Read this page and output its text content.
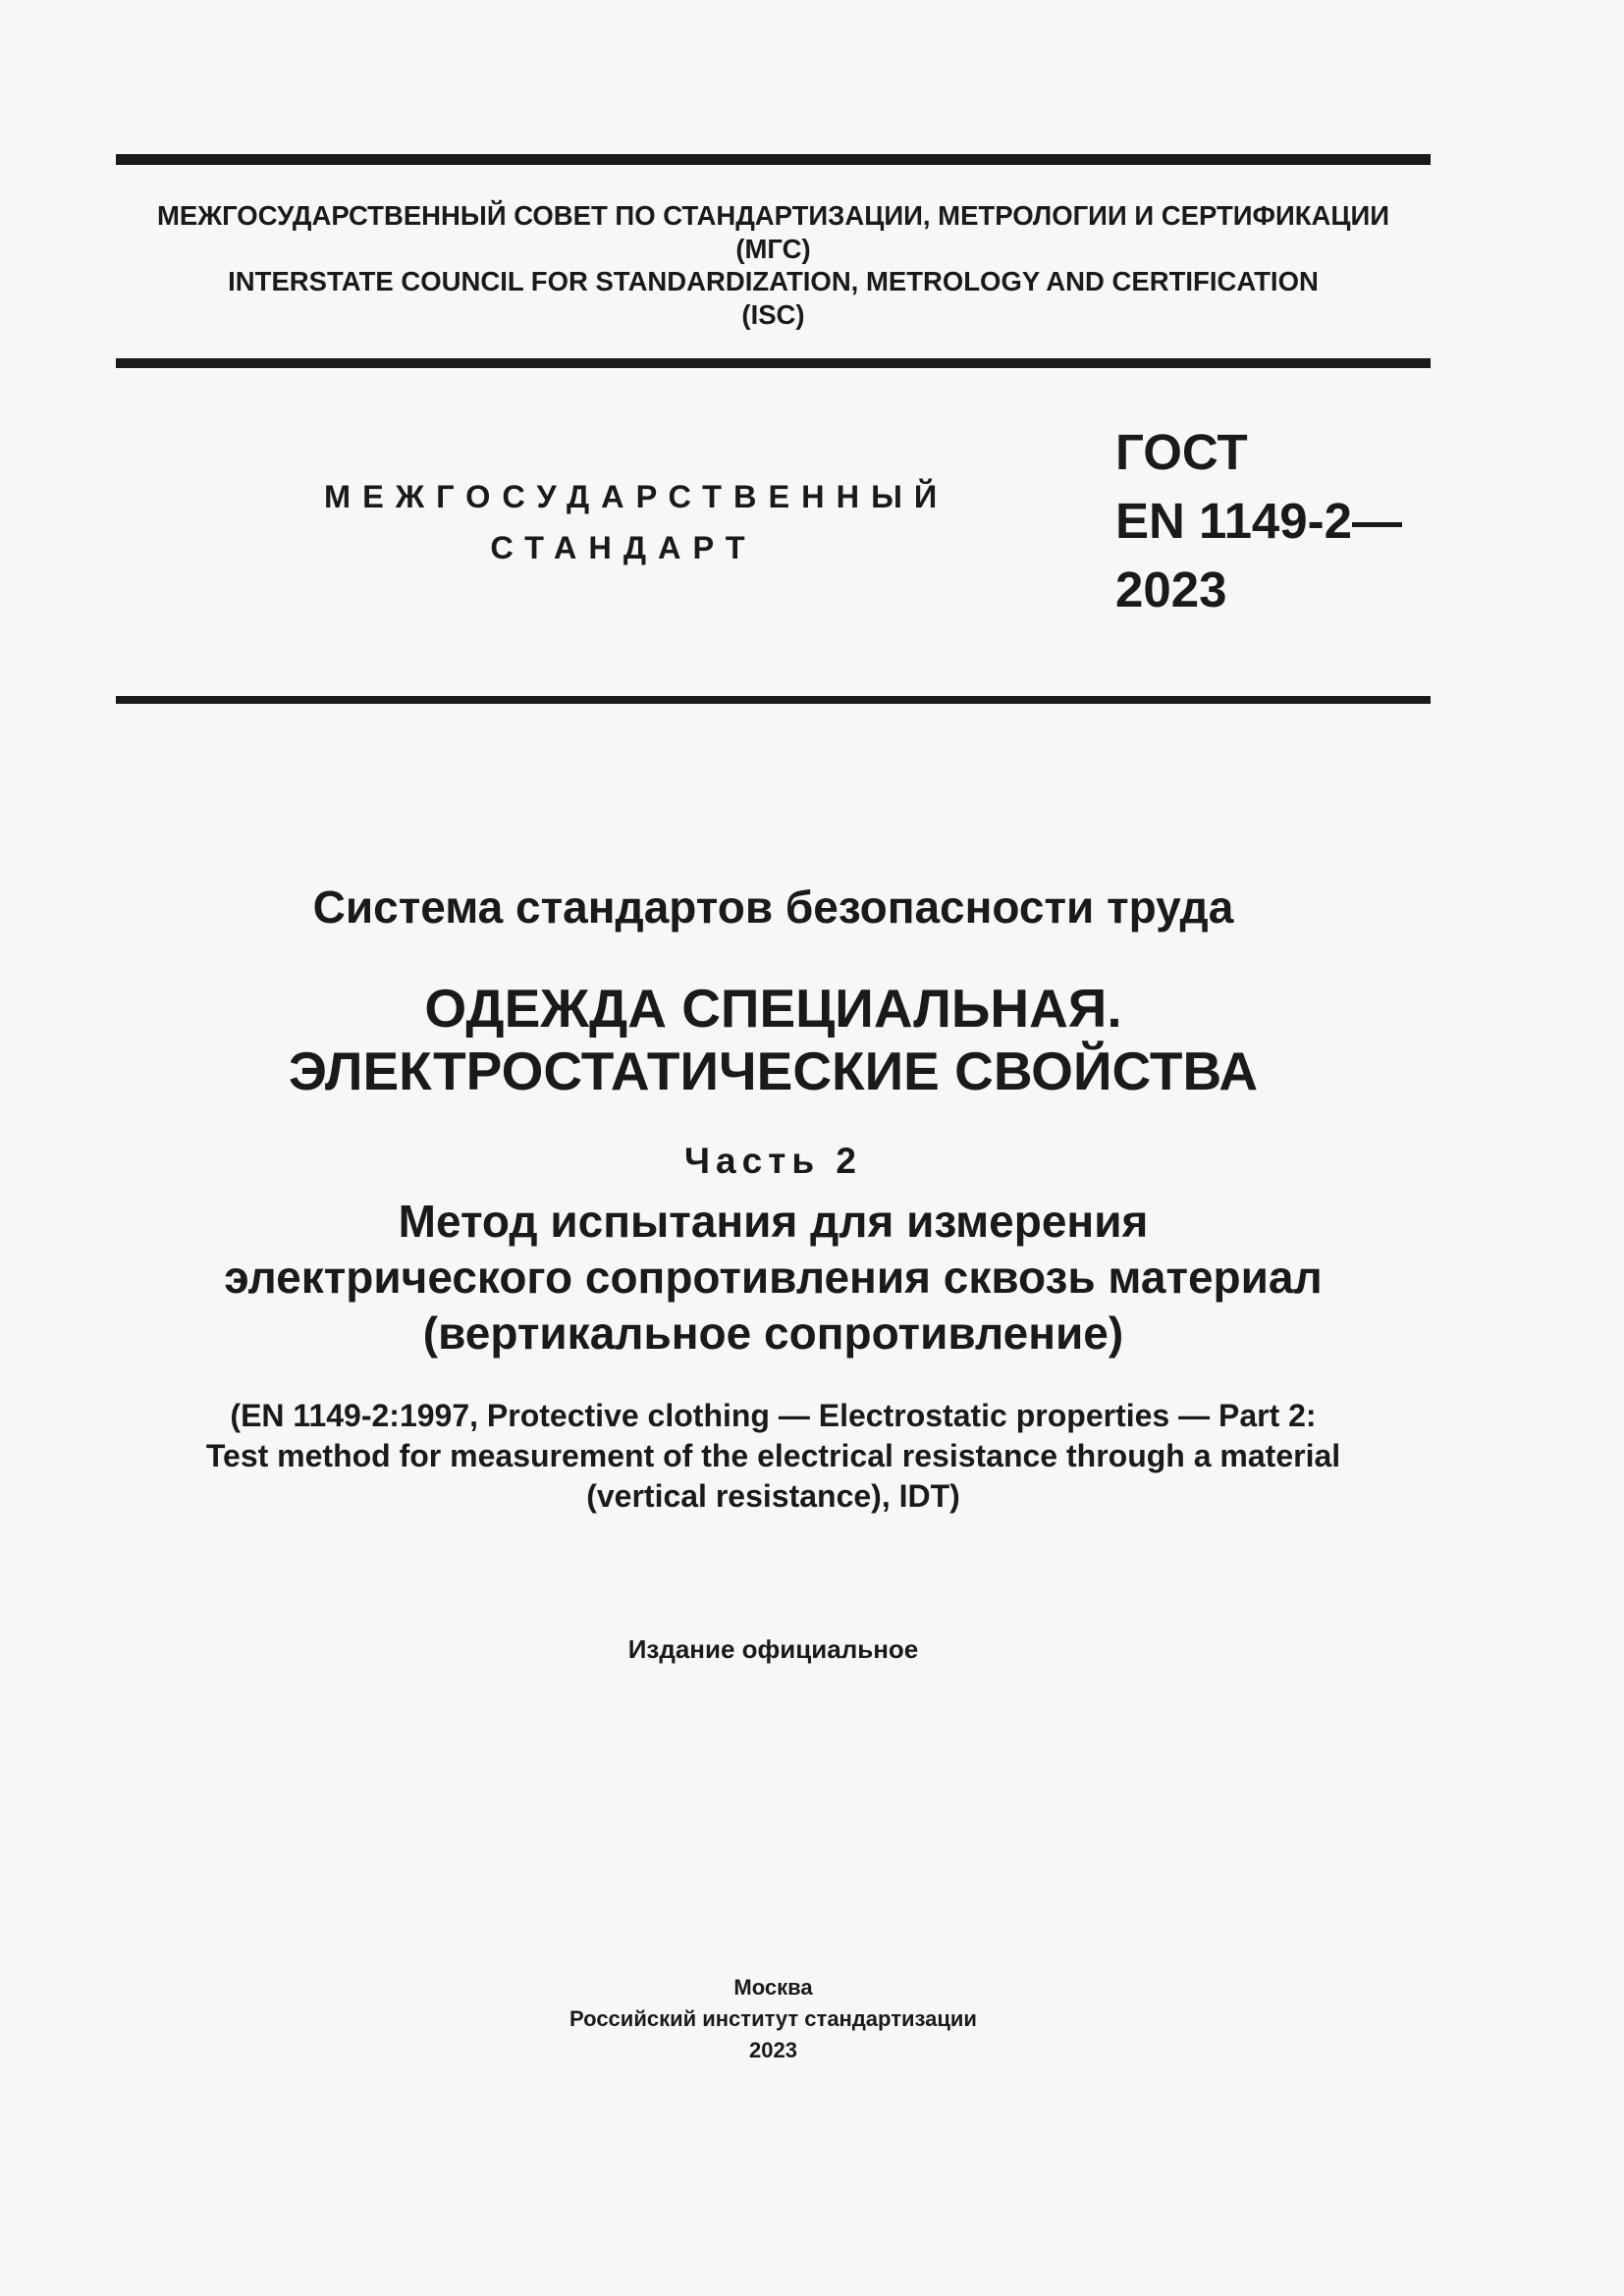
МЕЖГОСУДАРСТВЕННЫЙ СОВЕТ ПО СТАНДАРТИЗАЦИИ, МЕТРОЛОГИИ И СЕРТИФИКАЦИИ
(МГС)
INTERSTATE COUNCIL FOR STANDARDIZATION, METROLOGY AND CERTIFICATION
(ISC)
МЕЖГОСУДАРСТВЕННЫЙ
СТАНДАРТ
ГОСТ
EN 1149-2—
2023
Система стандартов безопасности труда
ОДЕЖДА СПЕЦИАЛЬНАЯ.
ЭЛЕКТРОСТАТИЧЕСКИЕ СВОЙСТВА
Часть 2
Метод испытания для измерения
электрического сопротивления сквозь материал
(вертикальное сопротивление)
(EN 1149-2:1997, Protective clothing — Electrostatic properties — Part 2:
Test method for measurement of the electrical resistance through a material
(vertical resistance), IDT)
Издание официальное
Москва
Российский институт стандартизации
2023
